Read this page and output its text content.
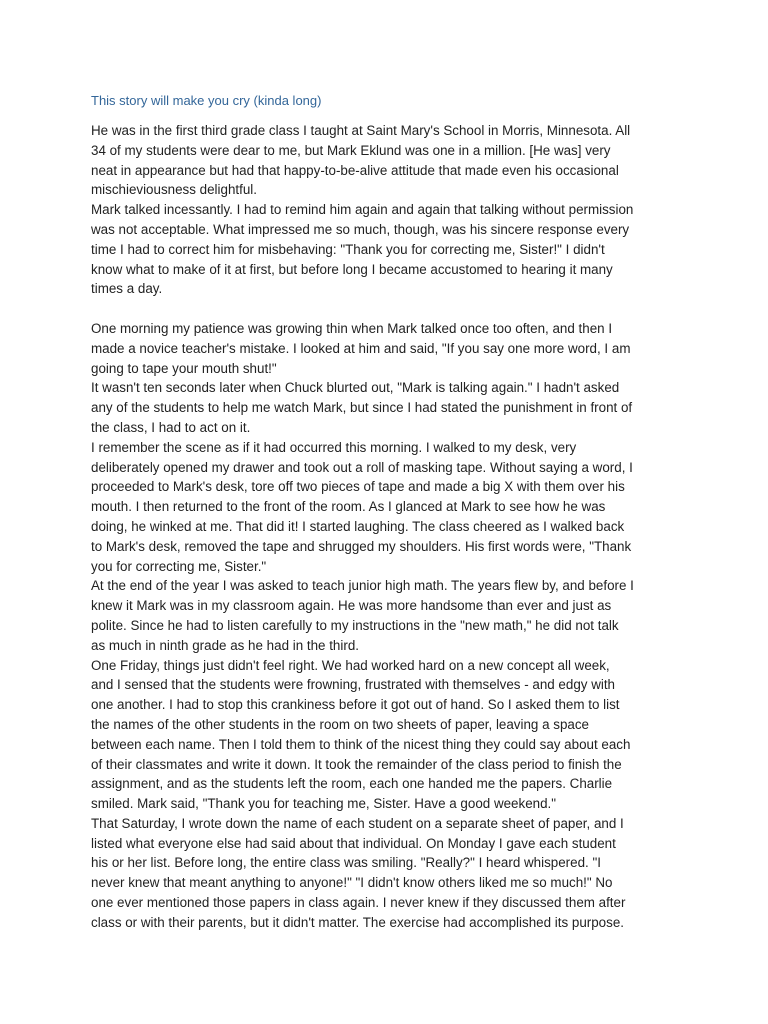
This story will make you cry (kinda long)
He was in the first third grade class I taught at Saint Mary's School in Morris, Minnesota. All
34 of my students were dear to me, but Mark Eklund was one in a million. [He was] very
neat in appearance but had that happy-to-be-alive attitude that made even his occasional
mischieviousness delightful.
Mark talked incessantly. I had to remind him again and again that talking without permission
was not acceptable. What impressed me so much, though, was his sincere response every
time I had to correct him for misbehaving: "Thank you for correcting me, Sister!" I didn't
know what to make of it at first, but before long I became accustomed to hearing it many
times a day.
One morning my patience was growing thin when Mark talked once too often, and then I
made a novice teacher's mistake. I looked at him and said, "If you say one more word, I am
going to tape your mouth shut!"
It wasn't ten seconds later when Chuck blurted out, "Mark is talking again." I hadn't asked
any of the students to help me watch Mark, but since I had stated the punishment in front of
the class, I had to act on it.
I remember the scene as if it had occurred this morning. I walked to my desk, very
deliberately opened my drawer and took out a roll of masking tape. Without saying a word, I
proceeded to Mark's desk, tore off two pieces of tape and made a big X with them over his
mouth. I then returned to the front of the room. As I glanced at Mark to see how he was
doing, he winked at me. That did it! I started laughing. The class cheered as I walked back
to Mark's desk, removed the tape and shrugged my shoulders. His first words were, "Thank
you for correcting me, Sister."
At the end of the year I was asked to teach junior high math. The years flew by, and before I
knew it Mark was in my classroom again. He was more handsome than ever and just as
polite. Since he had to listen carefully to my instructions in the "new math," he did not talk
as much in ninth grade as he had in the third.
One Friday, things just didn't feel right. We had worked hard on a new concept all week,
and I sensed that the students were frowning, frustrated with themselves - and edgy with
one another. I had to stop this crankiness before it got out of hand. So I asked them to list
the names of the other students in the room on two sheets of paper, leaving a space
between each name. Then I told them to think of the nicest thing they could say about each
of their classmates and write it down. It took the remainder of the class period to finish the
assignment, and as the students left the room, each one handed me the papers. Charlie
smiled. Mark said, "Thank you for teaching me, Sister. Have a good weekend."
That Saturday, I wrote down the name of each student on a separate sheet of paper, and I
listed what everyone else had said about that individual. On Monday I gave each student
his or her list. Before long, the entire class was smiling. "Really?" I heard whispered. "I
never knew that meant anything to anyone!" "I didn't know others liked me so much!" No
one ever mentioned those papers in class again. I never knew if they discussed them after
class or with their parents, but it didn't matter. The exercise had accomplished its purpose.
